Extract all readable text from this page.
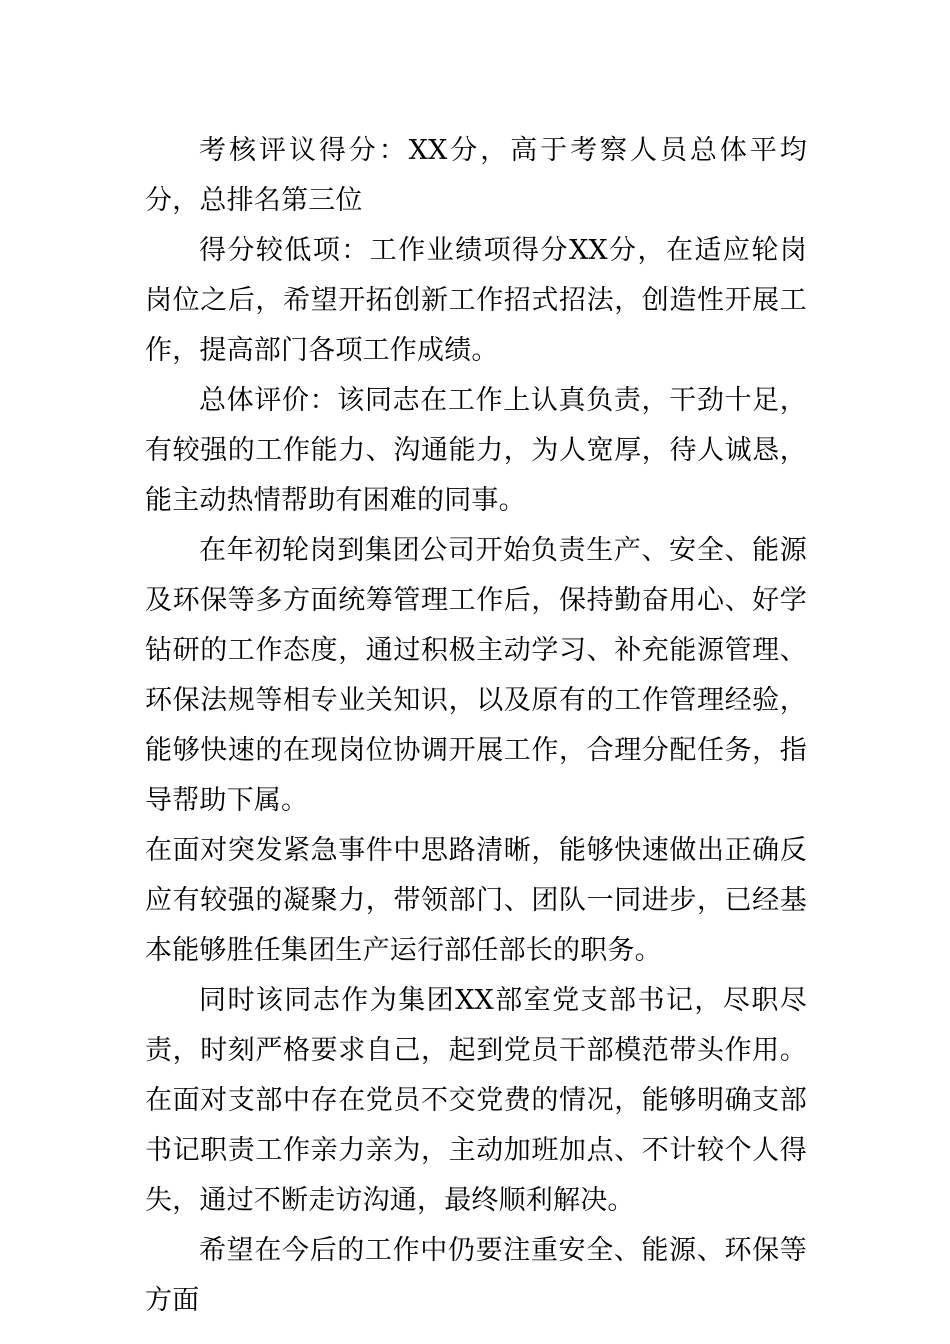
考核评议得分：XX分，高于考察人员总体平均分，总排名第三位

得分较低项：工作业绩项得分XX分，在适应轮岗岗位之后，希望开拓创新工作招式招法，创造性开展工作，提高部门各项工作成绩。

总体评价：该同志在工作上认真负责，干劲十足，有较强的工作能力、沟通能力，为人宽厚，待人诚恳，能主动热情帮助有困难的同事。

在年初轮岗到集团公司开始负责生产、安全、能源及环保等多方面统筹管理工作后，保持勤奋用心、好学钻研的工作态度，通过积极主动学习、补充能源管理、环保法规等相专业关知识，以及原有的工作管理经验，能够快速的在现岗位协调开展工作，合理分配任务，指导帮助下属。

在面对突发紧急事件中思路清晰，能够快速做出正确反应有较强的凝聚力，带领部门、团队一同进步，已经基本能够胜任集团生产运行部任部长的职务。

同时该同志作为集团XX部室党支部书记，尽职尽责，时刻严格要求自己，起到党员干部模范带头作用。在面对支部中存在党员不交党费的情况，能够明确支部书记职责工作亲力亲为，主动加班加点、不计较个人得失，通过不断走访沟通，最终顺利解决。

希望在今后的工作中仍要注重安全、能源、环保等方面
